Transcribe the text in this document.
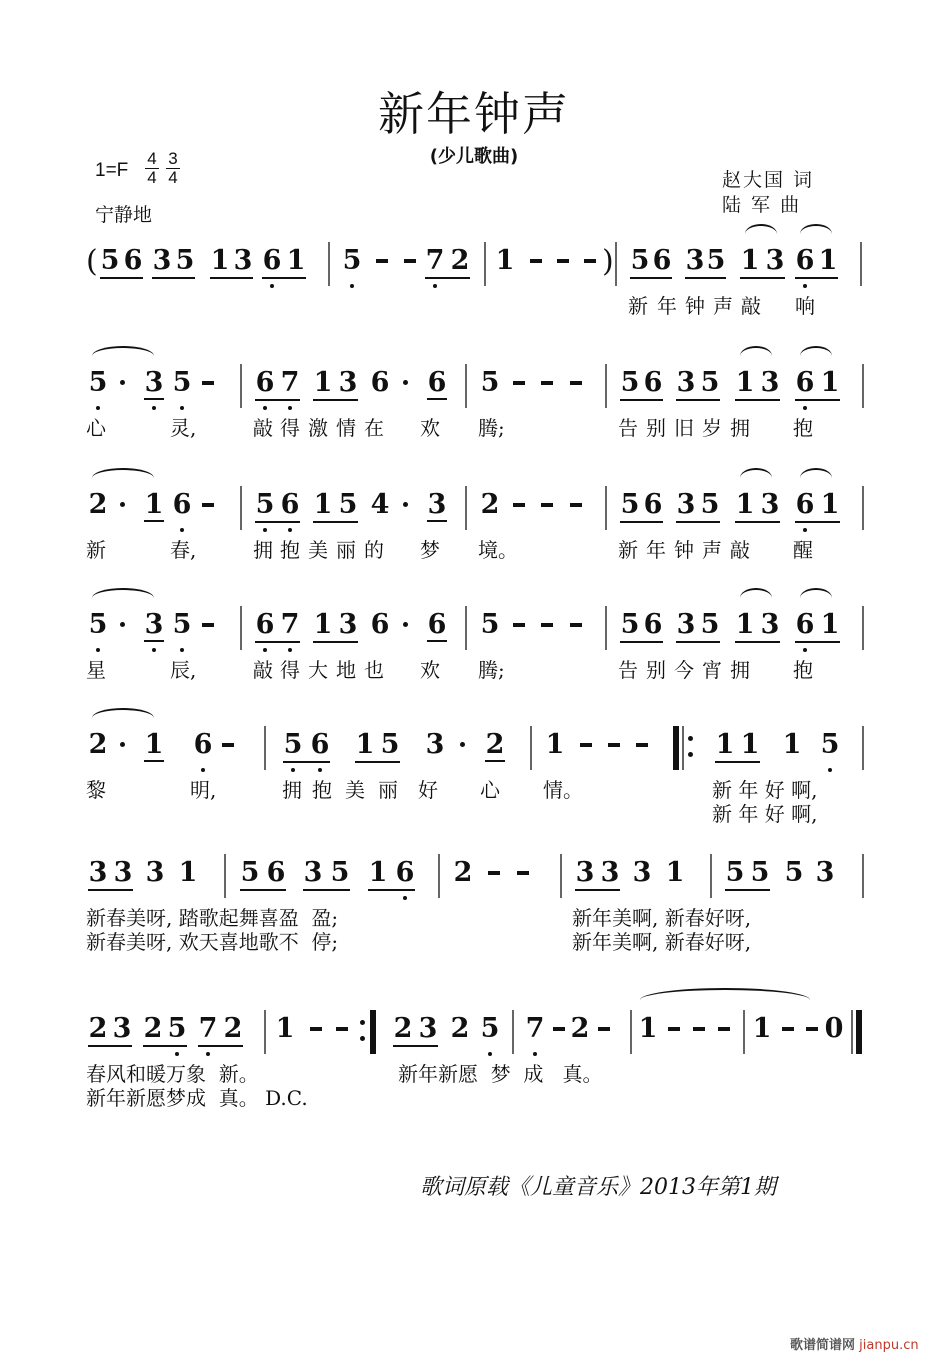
新年钟声
(少儿歌曲)
1=F
4
4
3
4
宁静地
赵大国 词
陆 军 曲
( 5 6 3 5 1 3 6 1 5 7 2 1	) 5 6 3 5 1 3 6 1
新 年 钟 声 敲 响
5 3 5 6 7 1 3 6 6 5	5 6 3 5 1 3 6 1
心	灵,	敲 得 激 情 在 欢 腾;	告 别 旧 岁 拥 抱
2 1 6 5 6 1 5 4 3 2	5 6 3 5 1 3 6 1
新	春,	拥 抱 美 丽 的 梦 境。	新 年 钟 声 敲 醒
5 3 5 6 7 1 3 6 6 5	5 6 3 5 1 3 6 1
星	辰,	敲 得 大 地 也 欢 腾;	告 别 今 宵 拥 抱
2 1 6	5 6 1 5 3 2 1	1 1 1 5
黎	明,	拥 抱 美 丽 好 心 情。	新 年 好 啊,
新 年 好 啊,
3 3 3 1 5 6 3 5 1 6 2	3 3 3 1 5 5 5 3
新春美呀, 踏歌起舞喜盈  盈;	新年美啊, 新春好呀,
新春美呀, 欢天喜地歌不  停;	新年美啊, 新春好呀,
2 3 2 5 7 2 1	2 3 2 5 7 2 1	1 0
春风和暖万象  新。	新年新愿  梦  成   真。
新年新愿梦成  真。 D.C.
歌词原载《儿童音乐》2013年第1期
歌谱简谱网 jianpu.cn
